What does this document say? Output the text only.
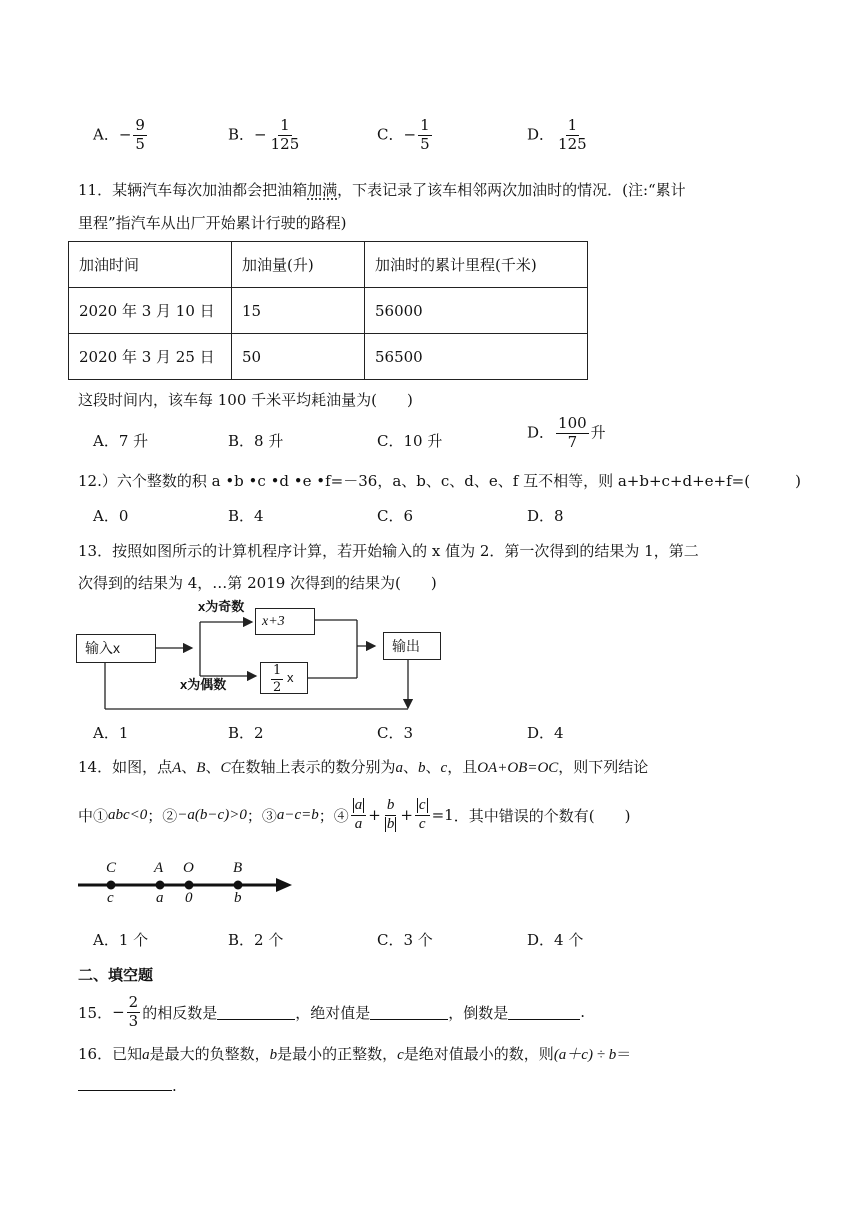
A．− $\frac{9}{5}$	B．− $\frac{1}{125}$	C．− $\frac{1}{5}$	D． $\frac{1}{125}$
11．某辆汽车每次加油都会把油箱加满，下表记录了该车相邻两次加油时的情况．(注:“累计
里程”指汽车从出厂开始累计行驶的路程)
加油时间	加油量(升)	加油时的累计里程(千米)
2020 年 3 月 10 日	15	56000
2020 年 3 月 25 日	50	56500
这段时间内，该车每 100 千米平均耗油量为(　　)
A．7 升	B．8 升	C．10 升	D． $\frac{100}{7}$ 升
12.）六个整数的积 a •b •c •d •e •f=－36，a、b、c、d、e、f 互不相等，则 a+b+c+d+e+f=(　　　)
A．0	B．4	C．6	D．8
13．按照如图所示的计算机程序计算，若开始输入的 x 值为 2．第一次得到的结果为 1，第二
次得到的结果为 4，…第 2019 次得到的结果为(　　)
输入x
x为奇数
x+3
$\frac{1}{2}$ x
x为偶数
输出
A．1	B．2	C．3	D．4
14．如图，点A、B、C在数轴上表示的数分别为a、b、c，且OA+OB=OC，则下列结论
中① abc<0 ；② −a(b−c)>0 ；③ a−c=b ；④ $\frac{a}{a} + \frac{b}{b} + \frac{c}{c} =1$ ．其中错误的个数有(　　)
C	A O	B
c	a 0	b
A．1 个	B．2 个	C．3 个	D．4 个
二、填空题
15． − $\frac{2}{3}$ 的相反数是	，绝对值是	，倒数是	.
16．已知a是最大的负整数，b是最小的正整数，c是绝对值最小的数，则(a＋c) ÷ b＝
.
